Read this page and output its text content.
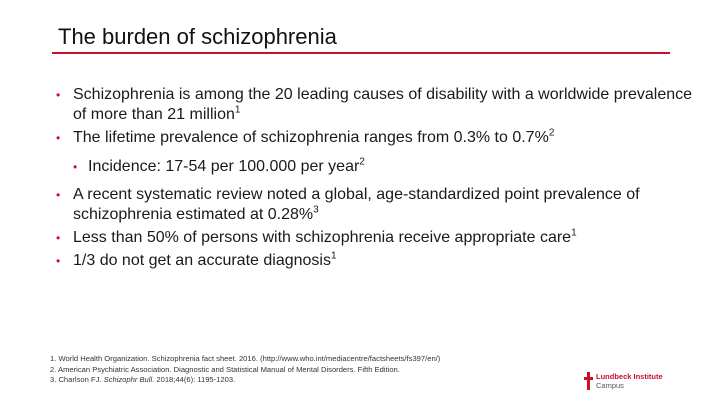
The burden of schizophrenia
• Schizophrenia is among the 20 leading causes of disability with a worldwide prevalence of more than 21 million$^1$
• The lifetime prevalence of schizophrenia ranges from 0.3% to 0.7%$^2$
• Incidence: 17-54 per 100.000 per year$^2$
• A recent systematic review noted a global, age-standardized point prevalence of schizophrenia estimated at 0.28%$^3$
• Less than 50% of persons with schizophrenia receive appropriate care$^1$
• 1/3 do not get an accurate diagnosis$^1$
1. World Health Organization. Schizophrenia fact sheet. 2016. (http://www.who.int/mediacentre/factsheets/fs397/en/)
2. American Psychiatric Association. Diagnostic and Statistical Manual of Mental Disorders. Fifth Edition.
3. Charlson FJ. Schizophr Bull. 2018;44(6): 1195-1203.	Lundbeck Institute
Campus
